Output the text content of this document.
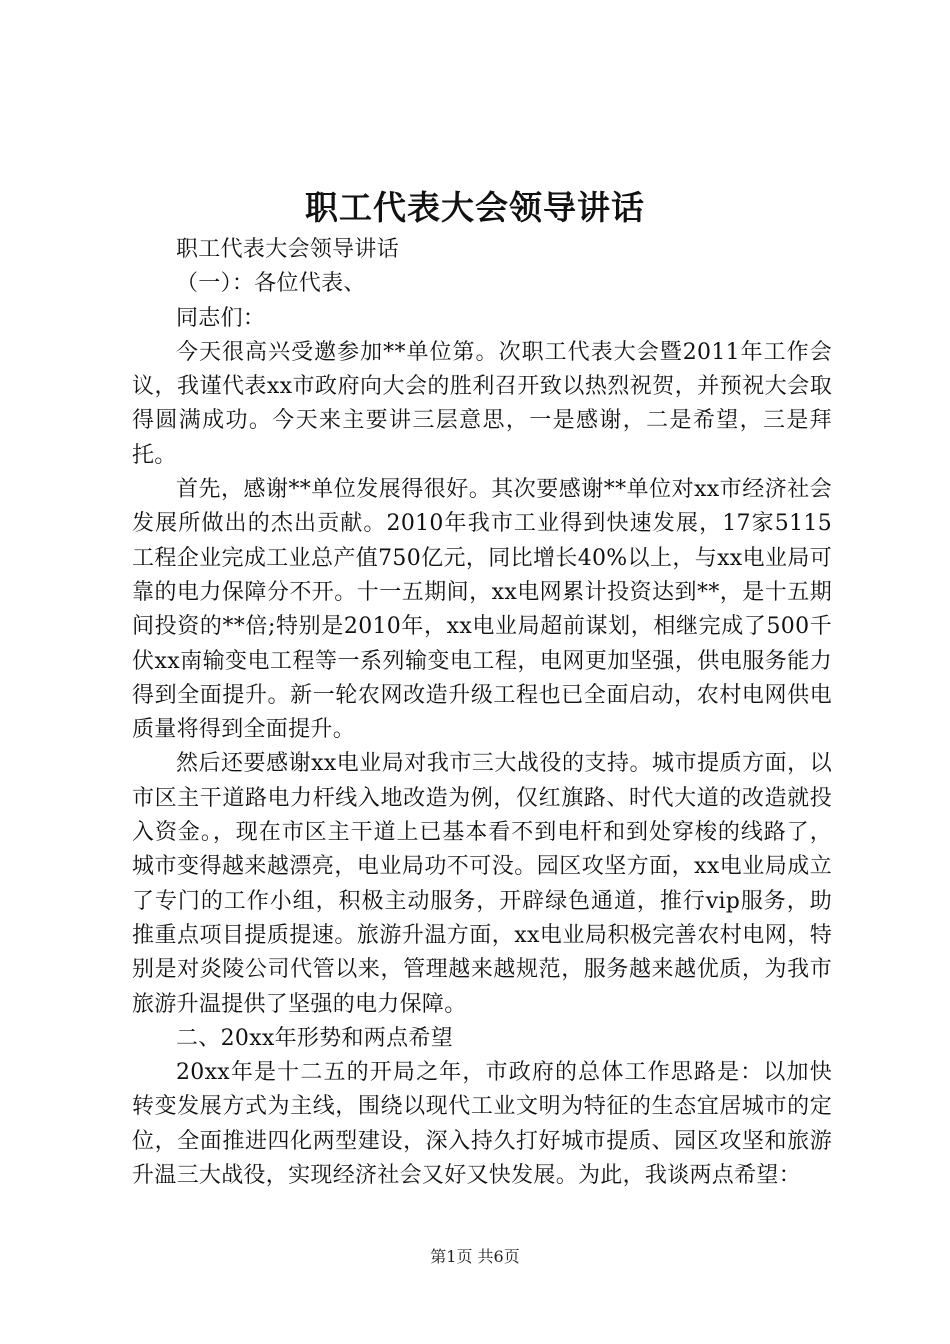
职工代表大会领导讲话

职工代表大会领导讲话

（一）：各位代表、

同志们：

今天很高兴受邀参加**单位第。次职工代表大会暨2011年工作会议，我谨代表xx市政府向大会的胜利召开致以热烈祝贺，并预祝大会取得圆满成功。今天来主要讲三层意思，一是感谢，二是希望，三是拜托。

首先，感谢**单位发展得很好。其次要感谢**单位对xx市经济社会发展所做出的杰出贡献。2010年我市工业得到快速发展，17家5115工程企业完成工业总产值750亿元，同比增长40%以上，与xx电业局可靠的电力保障分不开。十一五期间，xx电网累计投资达到**，是十五期间投资的**倍;特别是2010年，xx电业局超前谋划，相继完成了500千伏xx南输变电工程等一系列输变电工程，电网更加坚强，供电服务能力得到全面提升。新一轮农网改造升级工程也已全面启动，农村电网供电质量将得到全面提升。

然后还要感谢xx电业局对我市三大战役的支持。城市提质方面，以市区主干道路电力杆线入地改造为例，仅红旗路、时代大道的改造就投入资金。，现在市区主干道上已基本看不到电杆和到处穿梭的线路了，城市变得越来越漂亮，电业局功不可没。园区攻坚方面，xx电业局成立了专门的工作小组，积极主动服务，开辟绿色通道，推行vip服务，助推重点项目提质提速。旅游升温方面，xx电业局积极完善农村电网，特别是对炎陵公司代管以来，管理越来越规范，服务越来越优质，为我市旅游升温提供了坚强的电力保障。

二、20xx年形势和两点希望

20xx年是十二五的开局之年，市政府的总体工作思路是：以加快转变发展方式为主线，围绕以现代工业文明为特征的生态宜居城市的定位，全面推进四化两型建设，深入持久打好城市提质、园区攻坚和旅游升温三大战役，实现经济社会又好又快发展。为此，我谈两点希望：

第1页 共6页
